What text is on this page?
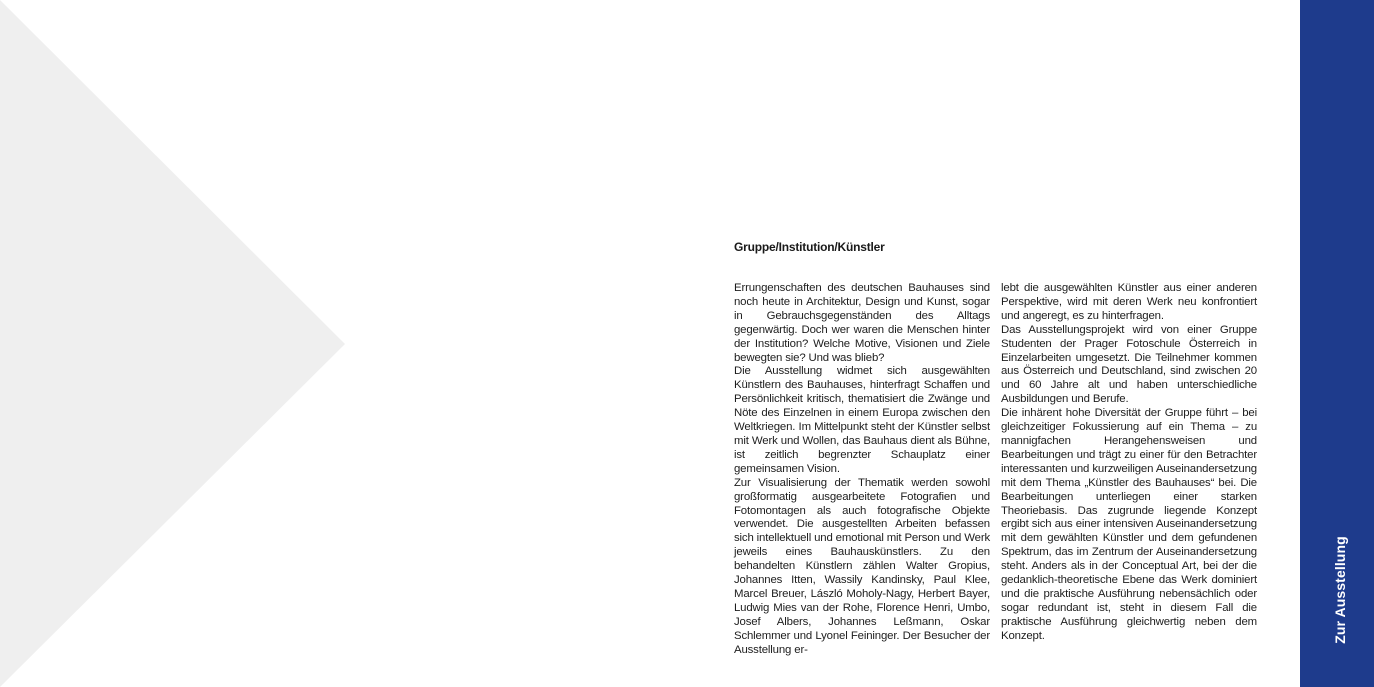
Gruppe/Institution/Künstler

Errungenschaften des deutschen Bauhauses sind noch heute in Architektur, Design und Kunst, sogar in Gebrauchsgegenständen des Alltags gegenwärtig. Doch wer waren die Menschen hinter der Institution? Welche Motive, Visionen und Ziele bewegten sie? Und was blieb?

Die Ausstellung widmet sich ausgewählten Künstlern des Bauhauses, hinterfragt Schaffen und Persönlichkeit kritisch, thematisiert die Zwänge und Nöte des Einzelnen in einem Europa zwischen den Weltkriegen. Im Mittelpunkt steht der Künstler selbst mit Werk und Wollen, das Bauhaus dient als Bühne, ist zeitlich begrenzter Schauplatz einer gemeinsamen Vision.

Zur Visualisierung der Thematik werden sowohl großformatig ausgearbeitete Fotografien und Fotomontagen als auch fotografische Objekte verwendet. Die ausgestellten Arbeiten befassen sich intellektuell und emotional mit Person und Werk jeweils eines Bauhauskünstlers. Zu den behandelten Künstlern zählen Walter Gropius, Johannes Itten, Wassily Kandinsky, Paul Klee, Marcel Breuer, László Moholy-Nagy, Herbert Bayer, Ludwig Mies van der Rohe, Florence Henri, Umbo, Josef Albers, Johannes Leßmann, Oskar Schlemmer und Lyonel Feininger. Der Besucher der Ausstellung er-

lebt die ausgewählten Künstler aus einer anderen Perspektive, wird mit deren Werk neu konfrontiert und angeregt, es zu hinterfragen.

Das Ausstellungsprojekt wird von einer Gruppe Studenten der Prager Fotoschule Österreich in Einzelarbeiten umgesetzt. Die Teilnehmer kommen aus Österreich und Deutschland, sind zwischen 20 und 60 Jahre alt und haben unterschiedliche Ausbildungen und Berufe.

Die inhärent hohe Diversität der Gruppe führt – bei gleichzeitiger Fokussierung auf ein Thema – zu mannigfachen Herangehensweisen und Bearbeitungen und trägt zu einer für den Betrachter interessanten und kurzweiligen Auseinandersetzung mit dem Thema „Künstler des Bauhauses“ bei. Die Bearbeitungen unterliegen einer starken Theoriebasis. Das zugrunde liegende Konzept ergibt sich aus einer intensiven Auseinandersetzung mit dem gewählten Künstler und dem gefundenen Spektrum, das im Zentrum der Auseinandersetzung steht. Anders als in der Conceptual Art, bei der die gedanklich-theoretische Ebene das Werk dominiert und die praktische Ausführung nebensächlich oder sogar redundant ist, steht in diesem Fall die praktische Ausführung gleichwertig neben dem Konzept.	Zur Ausstellung
